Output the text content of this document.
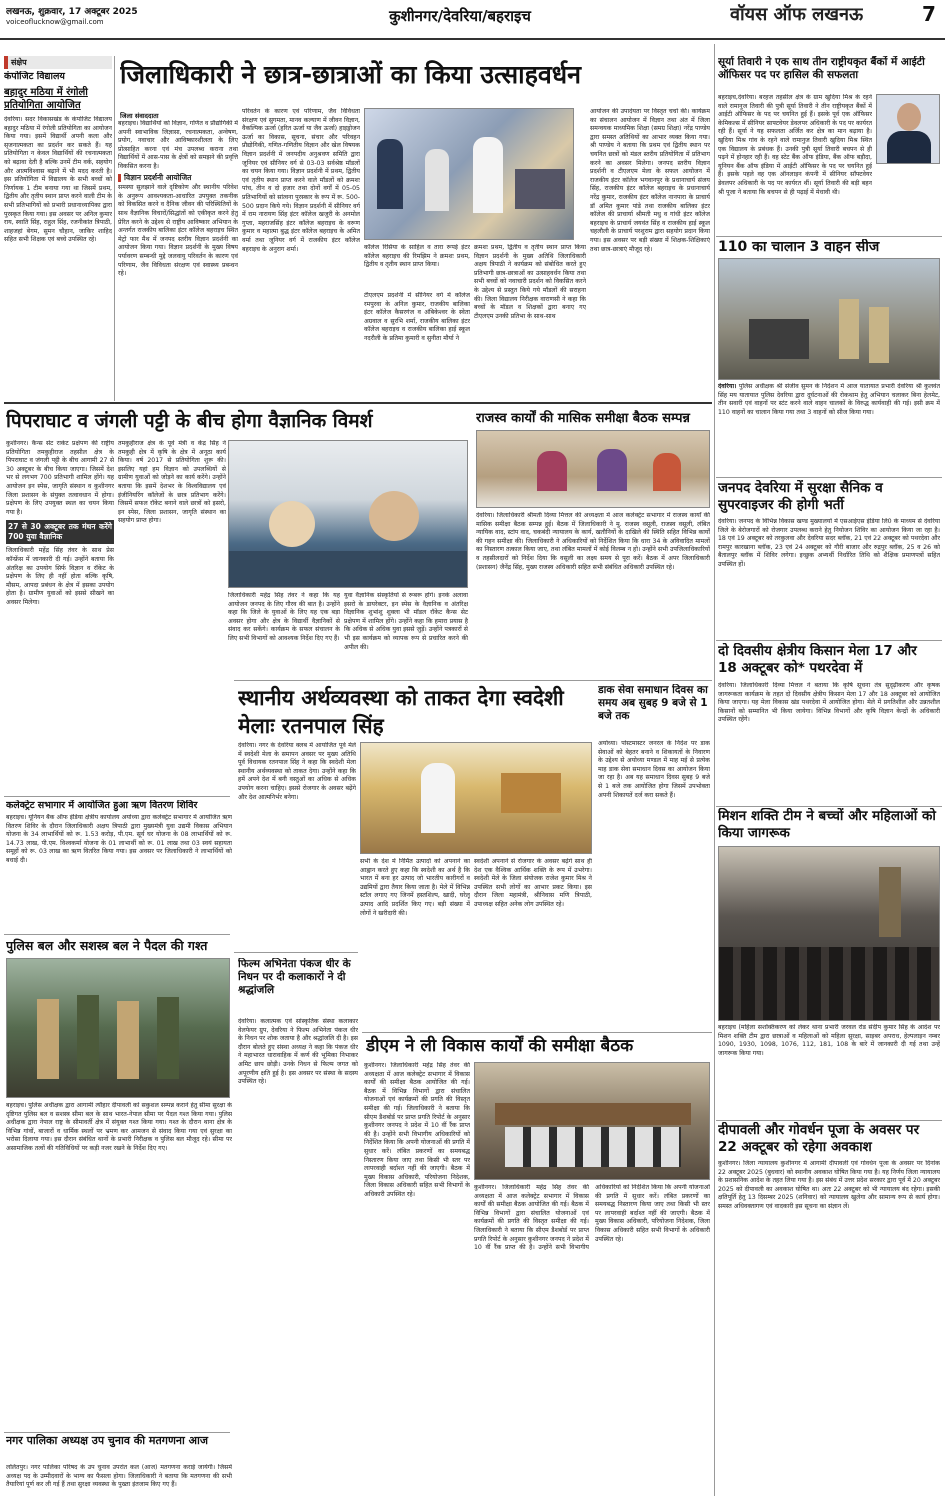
लखनऊ, शुक्रवार, 17 अक्टूबर 2025
voiceoflucknow@gmail.com	कुशीनगर/देवरिया/बहराइच	वॉयस ऑफ लखनऊ	7
संक्षेप
कंपोजिट विद्यालय
बहादुर मठिया में रंगोली प्रतियोगिता आयोजित
देवरिया। सदर विकासखंड के कंपोजिट विद्यालय बहादुर मठिया में रंगोली प्रतियोगिता का आयोजन किया गया। इसमें विद्यार्थी अपनी कला और सृजनात्मकता का प्रदर्शन कर सकते हैं। यह प्रतियोगिता न केवल विद्यार्थियों की रचनात्मकता को बढ़ावा देती है बल्कि उनमें टीम वर्क, सहयोग और आत्मविश्वास बढ़ाने में भी मदद करती है। इस प्रतियोगिता में विद्यालय के सभी बच्चों को निर्णायक 1 टीम बनाया गया था जिसमें प्रथम, द्वितीय और तृतीय स्थान प्राप्त करने वाली टीम के सभी प्रतिभागियों को प्रभारी प्रधानाध्यापिका द्वारा पुरस्कृत किया गया। इस अवसर पर अनिल कुमार राय, स्वाति सिंह, राहुल सिंह, रजनीकांत त्रिपाठी, शाहजहां बेगम, सुमन चौहान, जाकिर शाहिद सहित सभी शिक्षक एवं बच्चे उपस्थित रहे।
जिलाधिकारी ने छात्र-छात्राओं का किया उत्साहवर्धन
जिला संवाददाता

बहराइच। विद्यार्थियों को विज्ञान, गणित व प्रौद्योगिकी में अपनी स्वाभाविक जिज्ञासा, रचनात्मकता, अन्वेषण, प्रयोग, नवाचार और आविष्कारशीलता के लिए प्रोत्साहित करना एवं मंच उपलब्ध कराना तथा विद्यार्थियों में आस-पास के क्षेत्रों को समझने की प्रवृत्ति विकसित करना है।

विज्ञान प्रदर्शनी आयोजित

समस्या सुलझाने वाले दृष्टिकोण और स्थानीय परिवेश के अनुरूप आवश्यकता-आधारित उपयुक्त तकनीक को विकसित करने व दैनिक जीवन की परिस्थितियों के साथ वैज्ञानिक विचारों/सिद्धांतों को एकीकृत करने हेतु प्रेरित करने के उद्देश्य से राष्ट्रीय आविष्कार अभियान के अन्तर्गत राजकीय बालिका इंटर कॉलेज बहराइच स्थित मेट्रो फार मैथ में जनपद स्तरीय विज्ञान प्रदर्शनी का आयोजन किया गया। विज्ञान प्रदर्शनी के मुख्य विषय पर्यावरण सम्बन्धी मुद्दे जलवायु परिवर्तन के कारण एवं परिणाम, जैव विविधता संरक्षण एवं स्वास्थ्य प्रबन्धन रहे।

परिवर्तन के कारण एवं परिणाम, जैव विविधता संरक्षण एवं सुगमता, मानव कल्याण में जीवन विज्ञान, वैकल्पिक ऊर्जा (हरित ऊर्जा या जैव ऊर्जा) हाइड्रोजन ऊर्जा का विकास, सूचना, संचार और परिवहन प्रौद्योगिकी, गणित-गणितीय विज्ञान और खेल विषयक विज्ञान प्रदर्शनी में जनपदीय अनुश्रवण समिति द्वारा जूनियर एवं सीनियर वर्ग से 03-03 सर्वश्रेष्ठ मॉडलों का चयन किया गया। विज्ञान प्रदर्शनी में प्रथम, द्वितीय एवं तृतीय स्थान प्राप्त करने वाले मॉडलों को क्रमशः पांच, तीन व दो हजार तथा दोनों वर्गों में 05-05 प्रतिभागियों को सांत्वना पुरस्कार के रूप में रू. 500-500 प्रदान किये गये। विज्ञान प्रदर्शनी में सीनियर वर्ग में राम नारायण सिंह इंटर कॉलेज खजुरी के अनमोल गुप्ता, महराजसिंह इंटर कॉलेज बहराइच के वरूण कुमार व महात्मा बुद्ध इंटर कॉलेज बहराइच के अमित वर्मा तथा जूनियर वर्ग में राजकीय इंटर कॉलेज बहराइच के अनुराग शर्मा।	कॉलेज रिसिया के साहिल व तारा रूपई इंटर कॉलेज बहराइच की रिमझिम ने क्रमशः प्रथम, द्वितीय व तृतीय स्थान प्राप्त किया।
टीएलएम प्रदर्शनी में सीनियर वर्ग में कॉलेज रमपुरवा के अनिल कुमार, राजकीय बालिका इंटर कॉलेज कैसरगंज व अंबिकेश्वर के स्वेता अग्रवाल व सुरभि शर्मा, राजकीय बालिका इंटर कॉलेज बहराइच व राजकीय बालिका हाई स्कूल नदरौली के प्रतिमा कुमारी व सुनीता मौर्या ने
क्रमशः प्रथम, द्वितीय व तृतीय स्थान प्राप्त किया विज्ञान प्रदर्शनी के मुख्य अतिथि जिलाधिकारी अक्षय त्रिपाठी ने कार्यक्रम को संबोधित करते हुए प्रतिभागी छात्र-छात्राओं का उत्साहवर्धन किया तथा सभी बच्चों को नवाचारी प्रदर्शन को विकसित करने के उद्देश्य से प्रस्तुत किये गये मॉडलों की सराहना की। जिला विद्यालय निरीक्षक वाराणसी ने कहा कि बच्चों के मॉडल व शिक्षकों द्वारा बनाए गए टीएलएम उनकी प्रतिभा के साथ-साथ
आयोजन की उपादेयता पर विस्तृत चर्चा की। कार्यक्रम का संचालन आयोजन में विज्ञान तथा अंत में जिला समन्वयक माध्यमिक शिक्षा (समग्र शिक्षा) नरेंद्र पाण्डेय द्वारा समस्त अतिथियों का आभार व्यक्त किया गया। श्री पाण्डेय ने बताया कि प्रथम एवं द्वितीय स्थान पर चयनित छात्रों को मंडल स्तरीय प्रतियोगिता में प्रतिभाग करने का अवसर मिलेगा। जनपद स्तरीय विज्ञान प्रदर्शनी व टीएलएम मेला के सफल आयोजन में राजकीय इंटर कॉलेज भगवानपुर के प्रधानाचार्य संजय सिंह, राजकीय इंटर कॉलेज बहराइच के प्रधानाचार्य नरेंद्र कुमार, राजकीय इंटर कॉलेज नानपारा के प्राचार्य डॉ अमित कुमार पांडे तथा राजकीय बालिका इंटर कॉलेज की प्राचार्या श्रीमती मधु व गांधी इंटर कॉलेज बहराइच के प्राचार्य जयवंत सिंह व राजकीय हाई स्कूल चहलौली के प्राचार्य परशुराम द्वारा सहयोग प्रदान किया गया। इस अवसर पर बड़ी संख्या में शिक्षक-शिक्षिकाएं तथा छात्र-छात्राएं मौजूद रहे।
सूर्या तिवारी ने एक साथ तीन राष्ट्रीयकृत बैंकों में आईटी ऑफिसर पद पर हासिल की सफलता
बहराइच,देवरिया। बरहज तहसील क्षेत्र के ग्राम खुदिया मिश्र के रहने वाले रामानुज तिवारी की पुत्री सूर्या तिवारी ने तीन राष्ट्रीयकृत बैंकों में आईटी ऑफिसर के पद पर चयनित हुई हैं। इसके पूर्व एक ऑफिसर केमिकल्स में सीनियर साफ्टवेयर डेवलपर अधिकारी के पद पर कार्यरत रही हैं। सूर्या ने यह सफलता अर्जित कर क्षेत्र का मान बढ़ाया है। खुदिया मिश्र गांव के रहने वाले रामानुज तिवारी खुदिया मिश्र स्थित एक विद्यालय के प्रबंधक हैं। उनकी पुत्री सूर्या तिवारी बचपन से ही पढ़ने में होनहार रही हैं। वह स्टेट बैंक ऑफ इंडिया, बैंक ऑफ बड़ौदा, यूनियन बैंक ऑफ इंडिया में आईटी ऑफिसर के पद पर चयनित हुई हैं। इसके पहले वह एक ऑनलाइन कंपनी में सीनियर सॉफ्टवेयर डेवलपर अधिकारी के पद पर कार्यरत थीं। सूर्या तिवारी की बड़ी बहन श्री पूजा ने बताया कि बचपन से ही पढ़ाई में मेधावी थी।
110 का चालान 3 वाहन सीज
देवरिया। पुलिस अधीक्षक श्री संजीव सुमन के निर्देशन में आज यातायात प्रभारी देवरिया श्री कुलवंत सिंह मय यातायात पुलिस देवरिया द्वारा दुर्घटनाओं की रोकथाम हेतु अभियान चलाकर बिना हेलमेट, तीन सवारी एवं वाहनों पर स्टंट करने वाले वाहन चालकों के विरुद्ध कार्यवाही की गई। इसी क्रम में 110 वाहनों का चालान किया गया तथा 3 वाहनों को सीज किया गया।
जनपद देवरिया में सुरक्षा सैनिक व सुपरवाइजर की होगी भर्ती
देवरिया। जनपद के विभिन्न विकास खण्ड मुख्यालयों में एसआईएस इंडिया लि0 के माध्यम से देवरिया जिले के बेरोजगारों को रोजगार उपलब्ध कराने हेतु नियोजन शिविर का आयोजन किया जा रहा है। 18 एवं 19 अक्टूबर को तरकुलवा और देवरिया सदर ब्लॉक, 21 एवं 22 अक्टूबर को पथरदेवा और रामपुर कारखाना ब्लॉक, 23 एवं 24 अक्टूबर को गौरी बाजार और रुद्रपुर ब्लॉक, 25 व 26 को बैतालपुर ब्लॉक में शिविर लगेगा। इच्छुक अभ्यर्थी निर्धारित तिथि को शैक्षिक प्रमाणपत्रों सहित उपस्थित हों।
दो दिवसीय क्षेत्रीय किसान मेला 17 और 18 अक्टूबर को* पथरदेवा में
देवरिया। जिलाधिकारी दिव्या मित्तल ने बताया कि कृषि सूचना तंत्र सुदृढ़ीकरण और कृषक जागरूकता कार्यक्रम के तहत दो दिवसीय क्षेत्रीय किसान मेला 17 और 18 अक्टूबर को आयोजित किया जाएगा। यह मेला विकास खंड पथरदेवा में आयोजित होगा। मेले में प्रगतिशील और उन्नतशील किसानों को सम्मानित भी किया जायेगा। विभिन्न विभागों और कृषि विज्ञान केन्द्रों के अधिकारी उपस्थित रहेंगे।
मिशन शक्ति टीम ने बच्चों और महिलाओं को किया जागरूक
बहराइच (महिला सशक्तिकरण को लेकर थाना प्रभारी जरवल रोड संदीप कुमार सिंह के आदेश पर मिशन शक्ति टीम द्वारा छात्राओं व महिलाओं को महिला सुरक्षा, साइबर अपराध, हेल्पलाइन नम्बर 1090, 1930, 1098, 1076, 112, 181, 108 के बारे में जानकारी दी गई तथा उन्हें जागरूक किया गया।
दीपावली और गोवर्धन पूजा के अवसर पर 22 अक्टूबर को रहेगा अवकाश
कुशीनगर। जिला न्यायालय कुशीनगर में आगामी दीपावली एवं गोवर्धन पूजा के अवसर पर दिनांक 22 अक्टूबर 2025 (बुधवार) को स्थानीय अवकाश घोषित किया गया है। यह निर्णय जिला न्यायालय के प्रशासनिक आदेश के तहत लिया गया है। इस संबंध में उत्तर प्रदेश सरकार द्वारा पूर्व में 20 अक्टूबर 2025 को दीपावली का अवकाश घोषित था। अतः 22 अक्टूबर को भी न्यायालय बंद रहेगा। इसकी क्षतिपूर्ति हेतु 13 दिसम्बर 2025 (शनिवार) को न्यायालय खुलेगा और सामान्य रूप से कार्य होगा। समस्त अधिवक्तागण एवं वादकारी इस सूचना का संज्ञान लें।
पिपराघाट व जंगली पट्टी के बीच होगा वैज्ञानिक विमर्श

कुशीनगर। कैन्स सेट राकेट प्रक्षेपण की राष्ट्रीय प्रतियोगिता तमकुहीराज तहसील क्षेत्र के पिपराघाट व जंगली पट्टी के बीच आगामी 27 से 30 अक्टूबर के बीच किया जाएगा। जिसमें देश भर से लगभग 700 प्रतिभागी शामिल होंगे। यह आयोजन इन स्पेस, जागृति संस्थान व कुशीनगर जिला प्रशासन के संयुक्त तत्वावधान में होगा। प्रक्षेपण के लिए उपयुक्त स्थल का चयन किया गया है।

27 से 30 अक्टूबर तक मंथन करेंगे 700 युवा वैज्ञानिक

जिलाधिकारी महेंद्र सिंह तंवर के साथ प्रेस कॉन्फ्रेंस में जानकारी दी गई। उन्होंने बताया कि अंतरिक्ष का उपयोग सिर्फ विज्ञान व रॉकेट के प्रक्षेपण के लिए ही नहीं होता बल्कि कृषि, मौसम, आपदा प्रबंधन के क्षेत्र में इसका उपयोग होता है। ग्रामीण युवाओं को इससे सीखने का अवसर मिलेगा।

तमकुहीराज क्षेत्र के पूर्व मंत्री व केंद्र सिंह ने तमकुही क्षेत्र में कृषि के क्षेत्र में अनूठा कार्य किया। वर्ष 2017 से प्रतियोगिता शुरू की। इसलिए यहां हम विज्ञान को उपलब्धियों से ग्रामीण युवाओं को जोड़ने का कार्य करेंगे। उन्होंने बताया कि इसमें देशभर के विश्वविद्यालय एवं इंजीनियरिंग कॉलेजों के छात्र प्रतिभाग करेंगे। जिसमें सफल रॉकेट बनाने वाले छात्रों को इसरो, इन स्पेस, जिला प्रशासन, जागृति संस्थान का सहयोग प्राप्त होगा।
जिलाधिकारी महेंद्र सिंह तंवर ने कहा कि यह आयोजन जनपद के लिए गौरव की बात है। उन्होंने कहा कि जिले के युवाओं के लिए यह एक बड़ा अवसर होगा और क्षेत्र के विद्यार्थी वैज्ञानिकों से संवाद कर सकेंगे। कार्यक्रम के सफल संचालन के लिए सभी विभागों को आवश्यक निर्देश दिए गए हैं।
युवा वैज्ञानिक संस्कृतियों से रूबरू होंगे। इनके अलावा इसरो के डायरेक्टर, इन स्पेस के वैज्ञानिक व अंतरिक्ष विज्ञानिक शुभांशु शुक्ला भी मॉडल रॉकेट कैन्स सेट प्रक्षेपण में शामिल होंगे। उन्होंने कहा कि हमारा प्रयास है कि अधिक से अधिक युवा इससे जुड़ें। उन्होंने पत्रकारों से भी इस कार्यक्रम को व्यापक रूप से प्रचारित करने की अपील की।
राजस्व कार्यों की मासिक समीक्षा बैठक सम्पन्न
देवरिया। जिलाधिकारी श्रीमती दिव्या मित्तल की अध्यक्षता में आज कलेक्ट्रेट सभागार में राजस्व कार्यों की मासिक समीक्षा बैठक सम्पन्न हुई। बैठक में जिलाधिकारी ने मु. राजस्व वसूली, राजस्व वसूली, लंबित न्यायिक वाद, स्टांप वाद, चकबंदी न्यायालय के कार्य, खतौनियों के दाखिले की स्थिति सहित विभिन्न कार्यों की गहन समीक्षा की। जिलाधिकारी ने अधिकारियों को निर्देशित किया कि धारा 34 के अविवादित मामलों का निस्तारण तत्काल किया जाए, तथा लंबित मामलों में कोई विलम्ब न हो। उन्होंने सभी उपजिलाधिकारियों व तहसीलदारों को निर्देश दिया कि वसूली का लक्ष्य समय से पूरा करें। बैठक में अपर जिलाधिकारी (प्रशासन) जैनेंद्र सिंह, मुख्य राजस्व अधिकारी सहित सभी संबंधित अधिकारी उपस्थित रहे।
कलेक्ट्रेट सभागार में आयोजित हुआ ऋण वितरण शिविर
बहराइच। यूनियन बैंक ऑफ इंडिया क्षेत्रीय कार्यालय अयोध्या द्वारा कलेक्ट्रेट सभागार में आयोजित ऋण वितरण शिविर के दौरान जिलाधिकारी अक्षय त्रिपाठी द्वारा मुख्यमंत्री युवा उद्यमी विकास अभियान योजना के 34 लाभार्थियों को रू. 1.53 करोड़, पी.एम. सूर्य घर योजना के 08 लाभार्थियों को रू. 14.73 लाख, पी.एम. विश्वकर्मा योजना के 01 लाभार्थी को रू. 01 लाख तथा 03 स्वयं सहायता समूहों को रू. 03 लाख का ऋण वितरित किया गया। इस अवसर पर जिलाधिकारी ने लाभार्थियों को बधाई दी।
पुलिस बल और सशस्त्र बल ने पैदल की गश्त
बहराइच। पुलिस अधीक्षक द्वारा आगामी त्यौहार दीपावली को सकुशल सम्पन्न कराने हेतु सीमा सुरक्षा के दृष्टिगत पुलिस बल व सशस्त्र सीमा बल के साथ भारत-नेपाल सीमा पर पैदल गश्त किया गया। पुलिस अधीक्षक द्वारा नेपाल राष्ट्र के सीमावर्ती क्षेत्र में संयुक्त गश्त किया गया। गश्त के दौरान थाना क्षेत्र के विभिन्न गांवों, बाजारों व धार्मिक स्थलों पर भ्रमण कर आमजन से संवाद किया गया एवं सुरक्षा का भरोसा दिलाया गया। इस दौरान संबंधित थानों के प्रभारी निरीक्षक व पुलिस बल मौजूद रहे। सीमा पर असामाजिक तत्वों की गतिविधियों पर कड़ी नजर रखने के निर्देश दिए गए।
नगर पालिका अध्यक्ष उप चुनाव की मतगणना आज
ललितपुर। नगर पालिका परिषद के उप चुनाव उपरांत कल (आज) मतगणना कराई जायेगी। जिसमें अध्यक्ष पद के उम्मीदवारों के भाग्य का फैसला होगा। जिलाधिकारी ने बताया कि मतगणना की सभी तैयारियां पूर्ण कर ली गई हैं तथा सुरक्षा व्यवस्था के पुख्ता इंतजाम किए गए हैं।
स्थानीय अर्थव्यवस्था को ताकत देगा स्वदेशी मेलाः रतनपाल सिंह
देवरिया। नगर के देवरिया क्लब में आयोजित पूर्व मेले में स्वदेशी मेला के समापन अवसर पर मुख्य अतिथि पूर्व विधायक रतनपाल सिंह ने कहा कि स्वदेशी मेला स्थानीय अर्थव्यवस्था को ताकत देगा। उन्होंने कहा कि हमें अपने देश में बनी वस्तुओं का अधिक से अधिक उपयोग करना चाहिए। इससे रोजगार के अवसर बढ़ेंगे और देश आत्मनिर्भर बनेगा।
सभी के देश में निर्मित उत्पादों को अपनाने का आह्वान करते हुए कहा कि स्वदेशी का अर्थ है कि भारत में बना हर उत्पाद जो भारतीय कारीगरों व उद्यमियों द्वारा तैयार किया जाता है। मेले में विभिन्न स्टॉल लगाए गए जिनमें हस्तशिल्प, खादी, घरेलू उत्पाद आदि प्रदर्शित किए गए। बड़ी संख्या में लोगों ने खरीदारी की।
स्वदेशी अपनाने से रोजगार के अवसर बढ़ेंगे साथ ही देश एक वैश्विक आर्थिक शक्ति के रूप में उभरेगा। स्वदेशी मेले के जिला संयोजक राजेश कुमार मिश्र ने उपस्थित सभी लोगों का आभार प्रकट किया। इस दौरान जिला महामंत्री, श्रीनिवास मणि त्रिपाठी, उपाध्यक्ष सहित अनेक लोग उपस्थित रहे।
डाक सेवा समाधान दिवस का समय अब सुबह 9 बजे से 1 बजे तक
अयोध्या। पोस्टमास्टर जनरल के निर्देश पर डाक सेवाओं को बेहतर बनाने व शिकायतों के निवारण के उद्देश्य से अयोध्या मण्डल में माह मई से प्रत्येक माह डाक सेवा समाधान दिवस का आयोजन किया जा रहा है। अब यह समाधान दिवस सुबह 9 बजे से 1 बजे तक आयोजित होगा जिसमें उपभोक्ता अपनी शिकायतें दर्ज करा सकते हैं।
फिल्म अभिनेता पंकज धीर के निधन पर दी कलाकारों ने दी श्रद्धांजलि
देवरिया। कलात्मक एवं सांस्कृतिक संस्था कलाकार वेलफेयर ग्रुप, देवरिया ने फिल्म अभिनेता पंकज धीर के निधन पर शोक जताया है और श्रद्धांजलि दी है। इस दौरान बोलते हुए संस्था अध्यक्ष ने कहा कि पंकज धीर ने महाभारत धारावाहिक में कर्ण की भूमिका निभाकर अमिट छाप छोड़ी। उनके निधन से फिल्म जगत को अपूरणीय क्षति हुई है। इस अवसर पर संस्था के सदस्य उपस्थित रहे।
डीएम ने ली विकास कार्यों की समीक्षा बैठक
कुशीनगर। जिलाधिकारी महेंद्र सिंह तंवर की अध्यक्षता में आज कलेक्ट्रेट सभागार में विकास कार्यों की समीक्षा बैठक आयोजित की गई। बैठक में विभिन्न विभागों द्वारा संचालित योजनाओं एवं कार्यक्रमों की प्रगति की विस्तृत समीक्षा की गई। जिलाधिकारी ने बताया कि सीएम डैशबोर्ड पर प्राप्त प्रगति रिपोर्ट के अनुसार कुशीनगर जनपद ने प्रदेश में 10 वीं रैंक प्राप्त की है। उन्होंने सभी विभागीय अधिकारियों को निर्देशित किया कि अपनी योजनाओं की प्रगति में सुधार करें। लंबित प्रकरणों का समयबद्ध निस्तारण किया जाए तथा किसी भी स्तर पर लापरवाही बर्दाश्त नहीं की जाएगी। बैठक में मुख्य विकास अधिकारी, परियोजना निदेशक, जिला विकास अधिकारी सहित सभी विभागों के अधिकारी उपस्थित रहे।
कुशीनगर। जिलाधिकारी महेंद्र सिंह तंवर की अध्यक्षता में आज कलेक्ट्रेट सभागार में विकास कार्यों की समीक्षा बैठक आयोजित की गई। बैठक में विभिन्न विभागों द्वारा संचालित योजनाओं एवं कार्यक्रमों की प्रगति की विस्तृत समीक्षा की गई। जिलाधिकारी ने बताया कि सीएम डैशबोर्ड पर प्राप्त प्रगति रिपोर्ट के अनुसार कुशीनगर जनपद ने प्रदेश में 10 वीं रैंक प्राप्त की है। उन्होंने सभी विभागीय अधिकारियों को निर्देशित किया कि अपनी योजनाओं की प्रगति में सुधार करें। लंबित प्रकरणों का समयबद्ध निस्तारण किया जाए तथा किसी भी स्तर पर लापरवाही बर्दाश्त नहीं की जाएगी। बैठक में मुख्य विकास अधिकारी, परियोजना निदेशक, जिला विकास अधिकारी सहित सभी विभागों के अधिकारी उपस्थित रहे।
